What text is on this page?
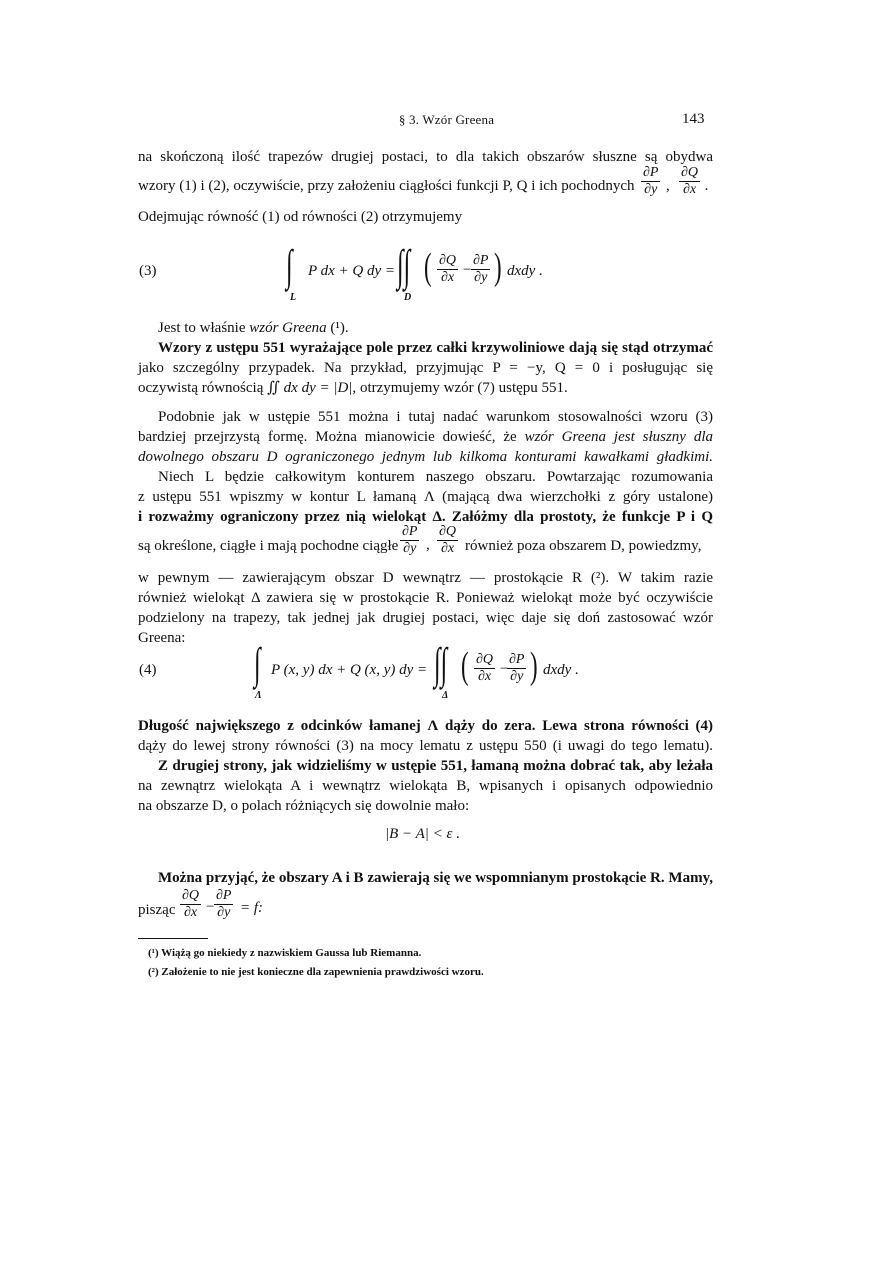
§ 3. Wzór Greena	143
na skończoną ilość trapezów drugiej postaci, to dla takich obszarów słuszne są obydwa
wzory (1) i (2), oczywiście, przy założeniu ciągłości funkcji P, Q i ich pochodnych $\frac{\partial P}{\partial y}$ , $\frac{\partial Q}{\partial x}$ .
Odejmując równość (1) od równości (2) otrzymujemy
(3)	∫
L
P dx + Q dy = ∫∫
D
( $\frac{\partial Q}{\partial x}$ −
$\frac{\partial P}{\partial y}$ ) dxdy .
Jest to właśnie wzór Greena (¹).
Wzory z ustępu 551 wyrażające pole przez całki krzywoliniowe dają się stąd otrzymać
jako szczególny przypadek. Na przykład, przyjmując P = −y, Q = 0 i posługując się
oczywistą równością ∬ dx dy = |D|, otrzymujemy wzór (7) ustępu 551.
Podobnie jak w ustępie 551 można i tutaj nadać warunkom stosowalności wzoru (3)
bardziej przejrzystą formę. Można mianowicie dowieść, że wzór Greena jest słuszny dla
dowolnego obszaru D ograniczonego jednym lub kilkoma konturami kawałkami gładkimi.
Niech L będzie całkowitym konturem naszego obszaru. Powtarzając rozumowania
z ustępu 551 wpiszmy w kontur L łamaną Λ (mającą dwa wierzchołki z góry ustalone)
i rozważmy ograniczony przez nią wielokąt Δ. Załóżmy dla prostoty, że funkcje P i Q
są określone, ciągłe i mają pochodne ciągłe $\frac{\partial P}{\partial y}$ , $\frac{\partial Q}{\partial x}$ również poza obszarem D, powiedzmy,
w pewnym — zawierającym obszar D wewnątrz — prostokącie R (²). W takim razie
również wielokąt Δ zawiera się w prostokącie R. Ponieważ wielokąt może być oczywiście
podzielony na trapezy, tak jednej jak drugiej postaci, więc daje się doń zastosować wzór
Greena:
(4) ∫
Λ
P (x, y) dx + Q (x, y) dy = ∫∫
Δ
( $\frac{\partial Q}{\partial x}$ −
$\frac{\partial P}{\partial y}$ ) dxdy .
Długość największego z odcinków łamanej Λ dąży do zera. Lewa strona równości (4)
dąży do lewej strony równości (3) na mocy lematu z ustępu 550 (i uwagi do tego lematu).
Z drugiej strony, jak widzieliśmy w ustępie 551, łamaną można dobrać tak, aby leżała
na zewnątrz wielokąta A i wewnątrz wielokąta B, wpisanych i opisanych odpowiednio
na obszarze D, o polach różniących się dowolnie mało:
|B − A| < ε .
Można przyjąć, że obszary A i B zawierają się we wspomnianym prostokącie R. Mamy,
pisząc $\frac{\partial Q}{\partial x}$ −
$\frac{\partial P}{\partial y} = f$:
(¹) Wiążą go niekiedy z nazwiskiem Gaussa lub Riemanna.
(²) Założenie to nie jest konieczne dla zapewnienia prawdziwości wzoru.
